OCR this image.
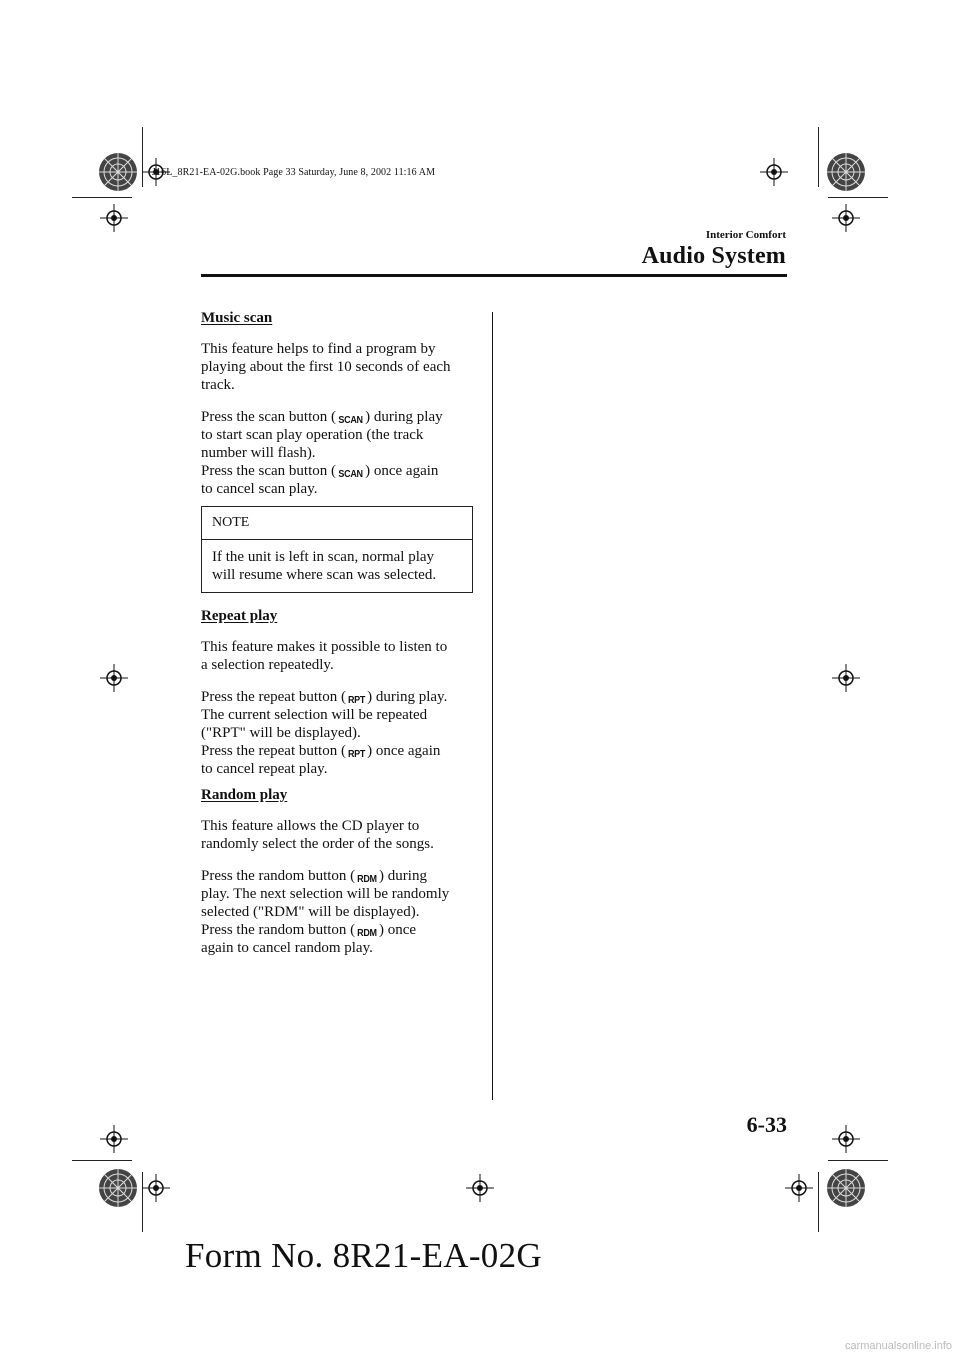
J16L_8R21-EA-02G.book Page 33 Saturday, June 8, 2002 11:16 AM
Interior Comfort
Audio System
Music scan

This feature helps to find a program by
playing about the first 10 seconds of each
track.

Press the scan button ( SCAN ) during play
to start scan play operation (the track
number will flash).
Press the scan button ( SCAN ) once again
to cancel scan play.

NOTE
If the unit is left in scan, normal play
will resume where scan was selected.
Repeat play

This feature makes it possible to listen to
a selection repeatedly.

Press the repeat button ( RPT ) during play.
The current selection will be repeated
("RPT" will be displayed).
Press the repeat button ( RPT ) once again
to cancel repeat play.

Random play

This feature allows the CD player to
randomly select the order of the songs.

Press the random button ( RDM ) during
play. The next selection will be randomly
selected ("RDM" will be displayed).
Press the random button ( RDM ) once
again to cancel random play.

6-33
Form No. 8R21-EA-02G
carmanualsonline.info
